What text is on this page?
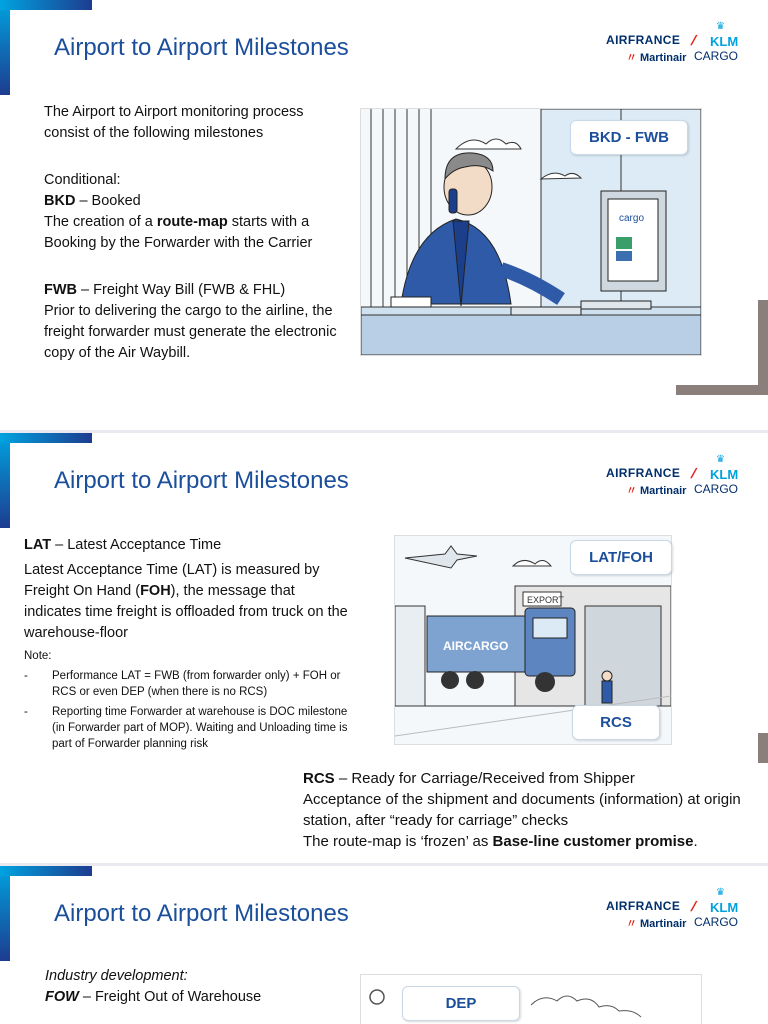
Airport to Airport Milestones	AIRFRANCE /
♛
KLM
〃 Martinair CARGO

The Airport to Airport monitoring process consist of the following milestones

Conditional:

BKD – Booked

The creation of a route-map starts with a Booking by the Forwarder with the Carrier

FWB – Freight Way Bill (FWB & FHL)

Prior to delivering the cargo to the airline, the freight forwarder must generate the electronic copy of the Air Waybill.

cargo
BKD - FWB
Airport to Airport Milestones	AIRFRANCE /
♛
KLM
〃 Martinair CARGO

LAT – Latest Acceptance Time

Latest Acceptance Time (LAT) is measured by Freight On Hand (FOH), the message that indicates time freight is offloaded from truck on the warehouse-floor

Note:

- Performance LAT = FWB (from forwarder only) + FOH or RCS or even DEP (when there is no RCS)
- Reporting time Forwarder at warehouse is DOC milestone (in Forwarder part of MOP). Waiting and Unloading time is part of Forwarder planning risk
EXPORT
AIRCARGO
LAT/FOH
RCS

RCS – Ready for Carriage/Received from Shipper

Acceptance of the shipment and documents (information) at origin station, after “ready for carriage” checks

The route-map is ‘frozen’ as Base-line customer promise.

Airport to Airport Milestones	AIRFRANCE /
♛
KLM
〃 Martinair CARGO

Industry development:

FOW – Freight Out of Warehouse	DEP
